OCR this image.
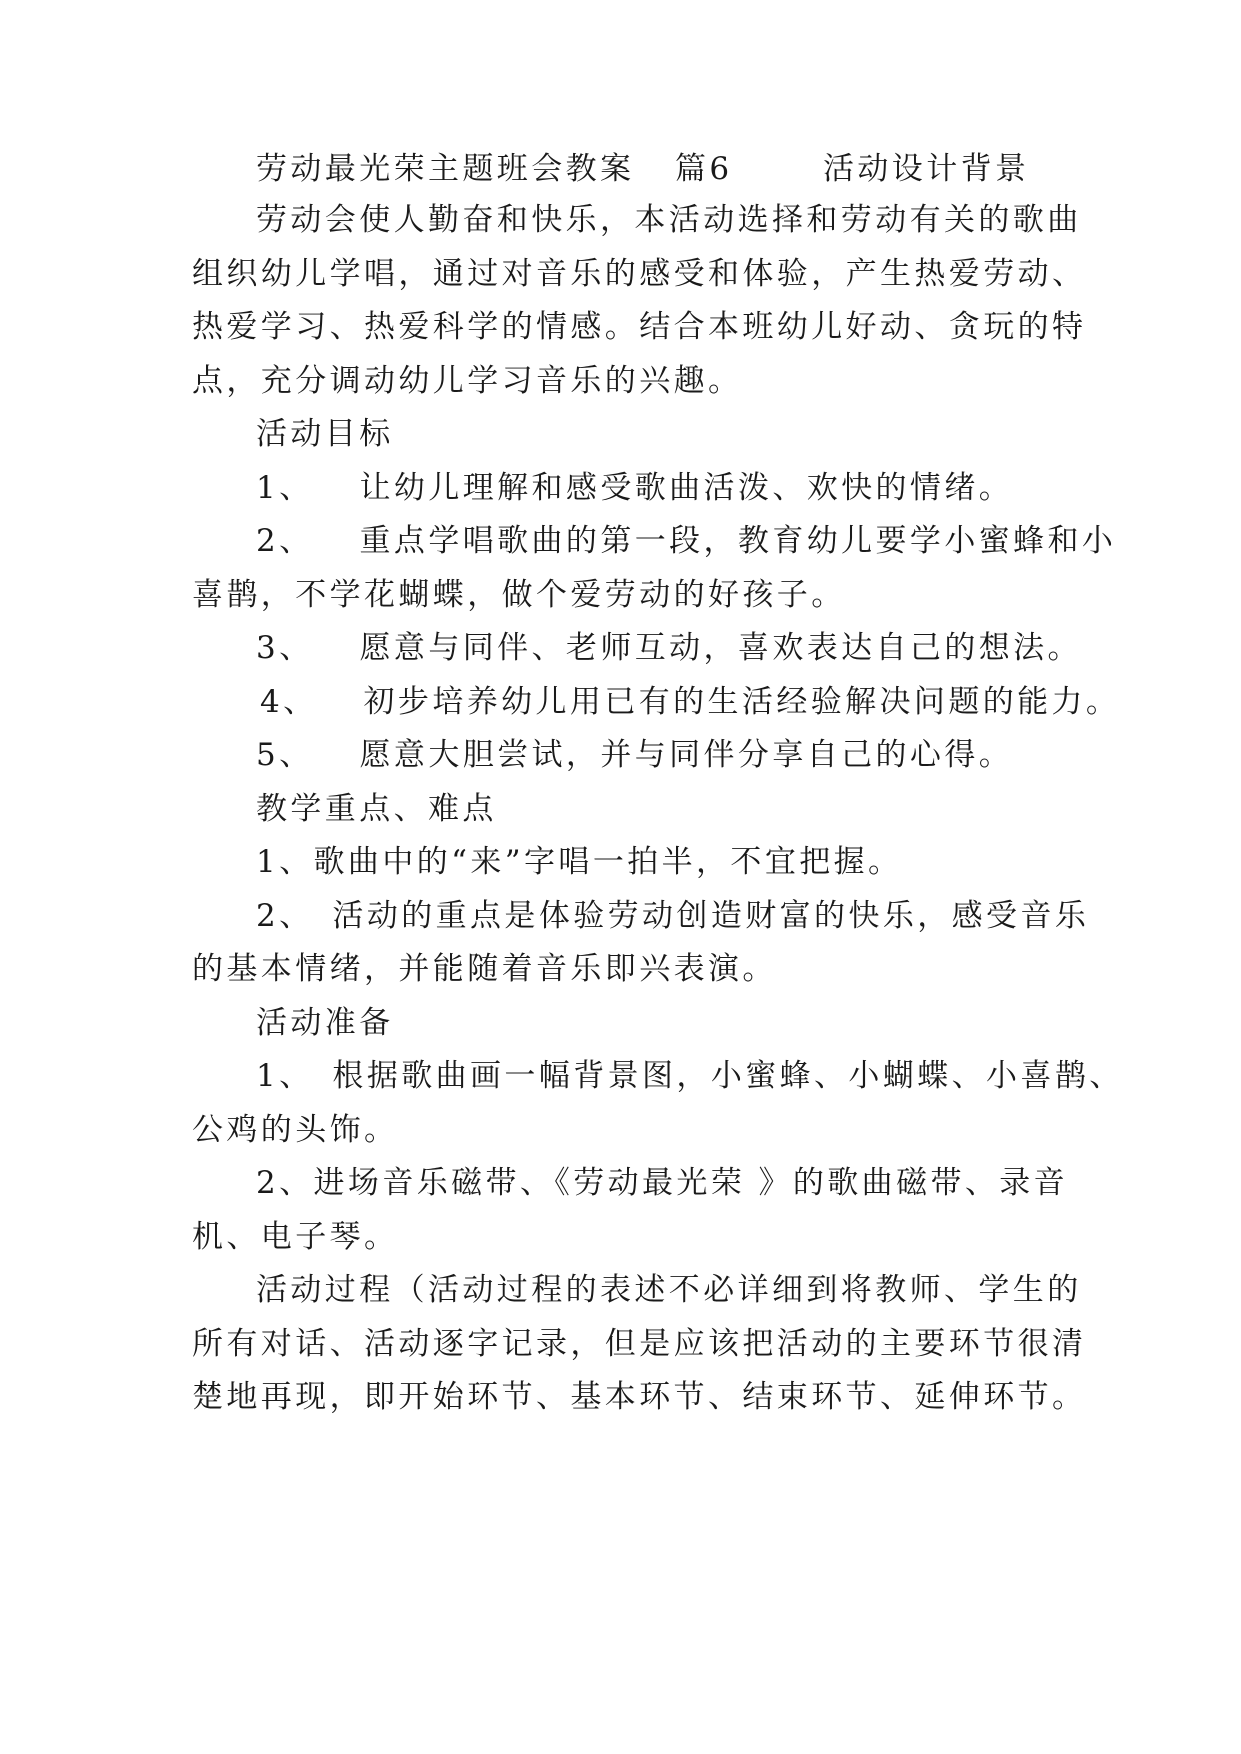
劳动最光荣主题班会教案 篇6	活动设计背景
劳动会使人勤奋和快乐，本活动选择和劳动有关的歌曲
组织幼儿学唱，通过对音乐的感受和体验，产生热爱劳动、
热爱学习、热爱科学的情感。结合本班幼儿好动、贪玩的特
点，充分调动幼儿学习音乐的兴趣。
活动目标
1、 让幼儿理解和感受歌曲活泼、欢快的情绪。
2、 重点学唱歌曲的第一段，教育幼儿要学小蜜蜂和小
喜鹊，不学花蝴蝶，做个爱劳动的好孩子。
3、 愿意与同伴、老师互动，喜欢表达自己的想法。
4、 初步培养幼儿用已有的生活经验解决问题的能力。
5、 愿意大胆尝试，并与同伴分享自己的心得。
教学重点、难点
1、歌曲中的“来”字唱一拍半，不宜把握。
2、　活动的重点是体验劳动创造财富的快乐，感受音乐
的基本情绪，并能随着音乐即兴表演。
活动准备
1、　根据歌曲画一幅背景图，小蜜蜂、小蝴蝶、小喜鹊、
公鸡的头饰。
2、进场音乐磁带、《劳动最光荣 》的歌曲磁带、录音
机、电子琴。
活动过程（活动过程的表述不必详细到将教师、学生的
所有对话、活动逐字记录，但是应该把活动的主要环节很清
楚地再现，即开始环节、基本环节、结束环节、延伸环节。
